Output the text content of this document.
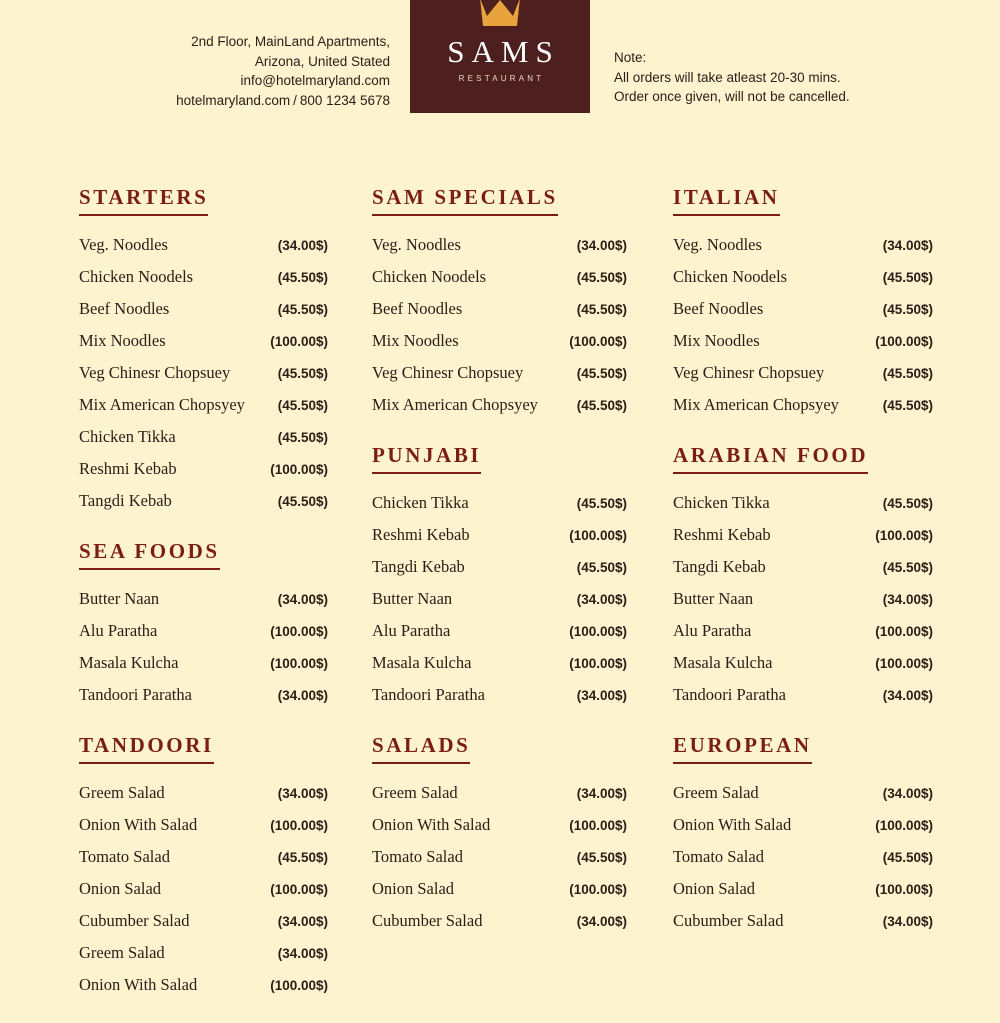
2nd Floor, MainLand Apartments,
Arizona, United Stated
info@hotelmaryland.com
hotelmaryland.com / 800 1234 5678
SAMS
RESTAURANT
Note:
All orders will take atleast 20-30 mins.
Order once given, will not be cancelled.
STARTERS
Veg. Noodles	(34.00$)
Chicken Noodels	(45.50$)
Beef Noodles	(45.50$)
Mix Noodles	(100.00$)
Veg Chinesr Chopsuey	(45.50$)
Mix American Chopsyey (45.50$)
Chicken Tikka	(45.50$)
Reshmi Kebab	(100.00$)
Tangdi Kebab	(45.50$)
SEA FOODS
Butter Naan	(34.00$)
Alu Paratha	(100.00$)
Masala Kulcha	(100.00$)
Tandoori Paratha	(34.00$)
TANDOORI
Greem Salad	(34.00$)
Onion With Salad	(100.00$)
Tomato Salad	(45.50$)
Onion Salad	(100.00$)
Cubumber Salad	(34.00$)
Greem Salad	(34.00$)
Onion With Salad	(100.00$)
SAM SPECIALS
Veg. Noodles	(34.00$)
Chicken Noodels	(45.50$)
Beef Noodles	(45.50$)
Mix Noodles	(100.00$)
Veg Chinesr Chopsuey	(45.50$)
Mix American Chopsyey	(45.50$)
PUNJABI
Chicken Tikka	(45.50$)
Reshmi Kebab	(100.00$)
Tangdi Kebab	(45.50$)
Butter Naan	(34.00$)
Alu Paratha	(100.00$)
Masala Kulcha	(100.00$)
Tandoori Paratha	(34.00$)
SALADS
Greem Salad	(34.00$)
Onion With Salad	(100.00$)
Tomato Salad	(45.50$)
Onion Salad	(100.00$)
Cubumber Salad	(34.00$)
ITALIAN
Veg. Noodles	(34.00$)
Chicken Noodels	(45.50$)
Beef Noodles	(45.50$)
Mix Noodles	(100.00$)
Veg Chinesr Chopsuey	(45.50$)
Mix American Chopsyey	(45.50$)
ARABIAN FOOD
Chicken Tikka	(45.50$)
Reshmi Kebab	(100.00$)
Tangdi Kebab	(45.50$)
Butter Naan	(34.00$)
Alu Paratha	(100.00$)
Masala Kulcha	(100.00$)
Tandoori Paratha	(34.00$)
EUROPEAN
Greem Salad	(34.00$)
Onion With Salad	(100.00$)
Tomato Salad	(45.50$)
Onion Salad	(100.00$)
Cubumber Salad	(34.00$)
